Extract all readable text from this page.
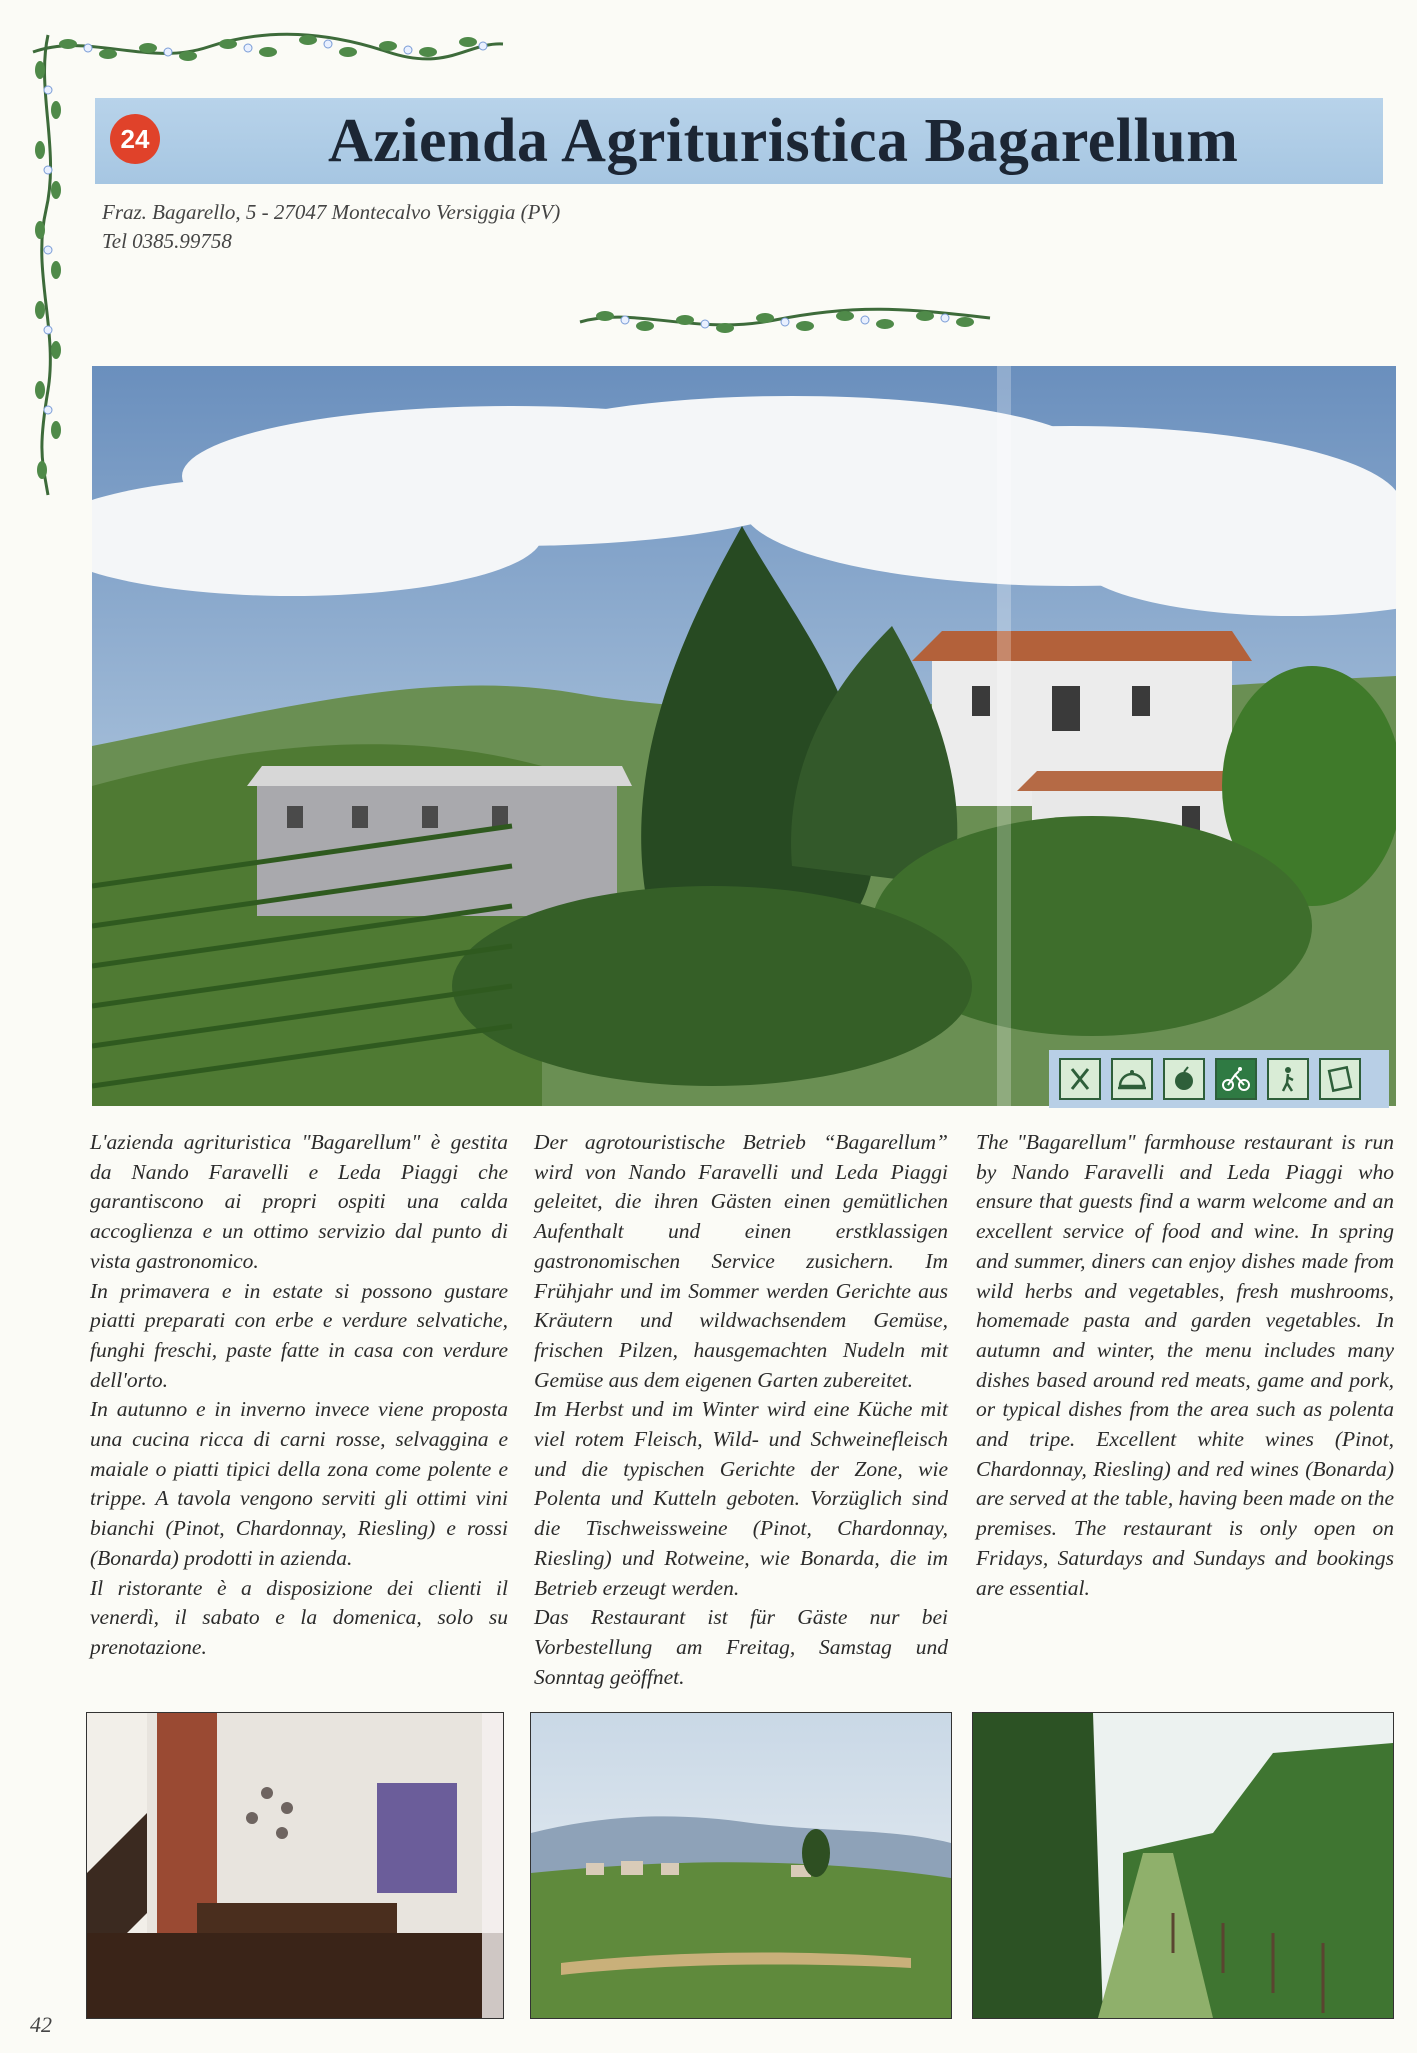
24	Azienda Agrituristica Bagarellum
Fraz. Bagarello, 5 - 27047 Montecalvo Versiggia (PV)
Tel 0385.99758

L'azienda agrituristica "Bagarellum" è gestita da Nando Faravelli e Leda Piaggi che garantiscono ai propri ospiti una calda accoglienza e un ottimo servizio dal punto di vista gastronomico.

In primavera e in estate si possono gustare piatti preparati con erbe e verdure selvatiche, funghi freschi, paste fatte in casa con verdure dell'orto.

In autunno e in inverno invece viene proposta una cucina ricca di carni rosse, selvaggina e maiale o piatti tipici della zona come polente e trippe. A tavola vengono serviti gli ottimi vini bianchi (Pinot, Chardonnay, Riesling) e rossi (Bonarda) prodotti in azienda.

Il ristorante è a disposizione dei clienti il venerdì, il sabato e la domenica, solo su prenotazione.

Der agrotouristische Betrieb “Bagarellum” wird von Nando Faravelli und Leda Piaggi geleitet, die ihren Gästen einen gemütlichen Aufenthalt und einen erstklassigen gastronomischen Service zusichern. Im Frühjahr und im Sommer werden Gerichte aus Kräutern und wildwachsendem Gemüse, frischen Pilzen, hausgemachten Nudeln mit Gemüse aus dem eigenen Garten zubereitet.

Im Herbst und im Winter wird eine Küche mit viel rotem Fleisch, Wild- und Schweinefleisch und die typischen Gerichte der Zone, wie Polenta und Kutteln geboten. Vorzüglich sind die Tischweissweine (Pinot, Chardonnay, Riesling) und Rotweine, wie Bonarda, die im Betrieb erzeugt werden.

Das Restaurant ist für Gäste nur bei Vorbestellung am Freitag, Samstag und Sonntag geöffnet.

The "Bagarellum" farmhouse restaurant is run by Nando Faravelli and Leda Piaggi who ensure that guests find a warm welcome and an excellent service of food and wine. In spring and summer, diners can enjoy dishes made from wild herbs and vegetables, fresh mushrooms, homemade pasta and garden vegetables. In autumn and winter, the menu includes many dishes based around red meats, game and pork, or typical dishes from the area such as polenta and tripe. Excellent white wines (Pinot, Chardonnay, Riesling) and red wines (Bonarda) are served at the table, having been made on the premises. The restaurant is only open on Fridays, Saturdays and Sundays and bookings are essential.

42
